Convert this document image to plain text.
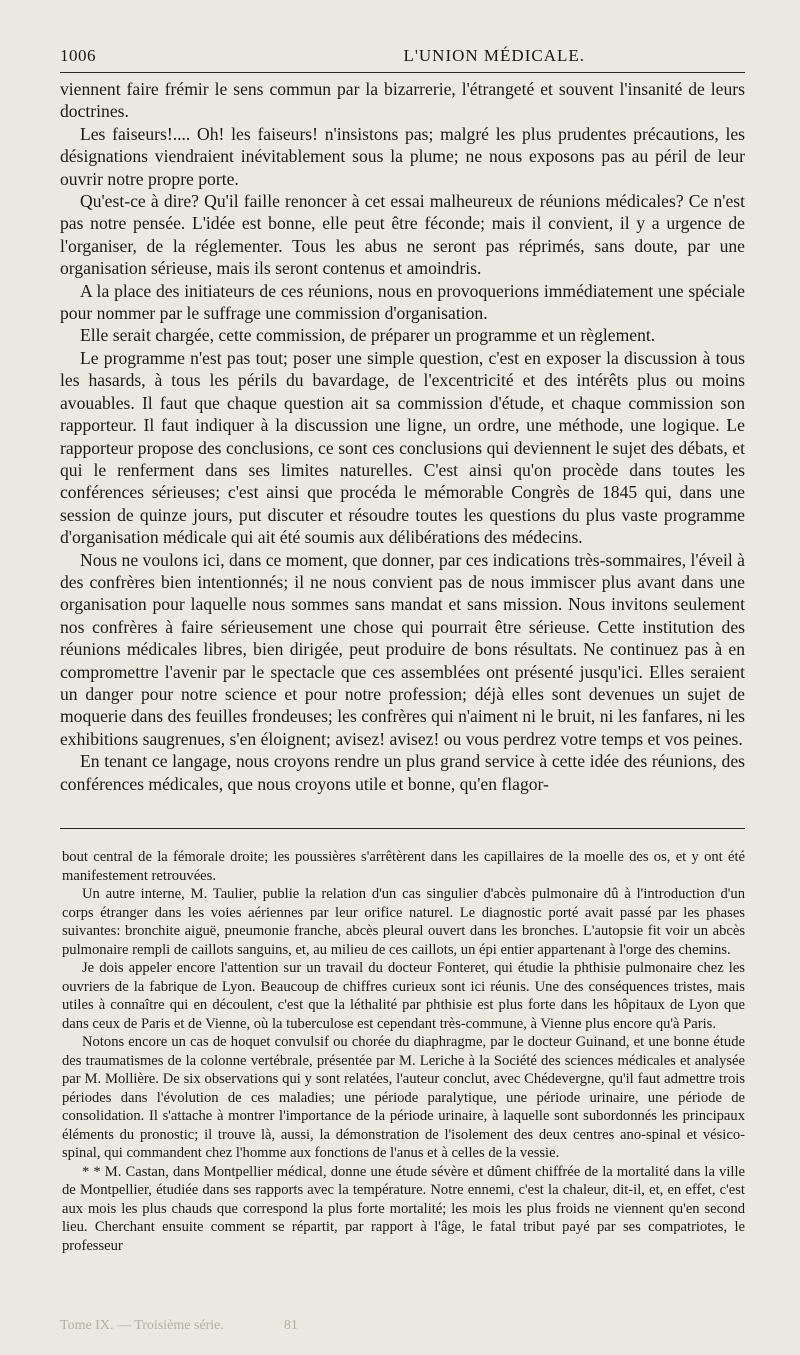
1006	L'UNION MÉDICALE.

viennent faire frémir le sens commun par la bizarrerie, l'étrangeté et souvent l'insanité de leurs doctrines.

Les faiseurs!.... Oh! les faiseurs! n'insistons pas; malgré les plus prudentes précautions, les désignations viendraient inévitablement sous la plume; ne nous exposons pas au péril de leur ouvrir notre propre porte.

Qu'est-ce à dire? Qu'il faille renoncer à cet essai malheureux de réunions médicales? Ce n'est pas notre pensée. L'idée est bonne, elle peut être féconde; mais il convient, il y a urgence de l'organiser, de la réglementer. Tous les abus ne seront pas réprimés, sans doute, par une organisation sérieuse, mais ils seront contenus et amoindris.

A la place des initiateurs de ces réunions, nous en provoquerions immédiatement une spéciale pour nommer par le suffrage une commission d'organisation.

Elle serait chargée, cette commission, de préparer un programme et un règlement.

Le programme n'est pas tout; poser une simple question, c'est en exposer la discussion à tous les hasards, à tous les périls du bavardage, de l'excentricité et des intérêts plus ou moins avouables. Il faut que chaque question ait sa commission d'étude, et chaque commission son rapporteur. Il faut indiquer à la discussion une ligne, un ordre, une méthode, une logique. Le rapporteur propose des conclusions, ce sont ces conclusions qui deviennent le sujet des débats, et qui le renferment dans ses limites naturelles. C'est ainsi qu'on procède dans toutes les conférences sérieuses; c'est ainsi que procéda le mémorable Congrès de 1845 qui, dans une session de quinze jours, put discuter et résoudre toutes les questions du plus vaste programme d'organisation médicale qui ait été soumis aux délibérations des médecins.

Nous ne voulons ici, dans ce moment, que donner, par ces indications très-sommaires, l'éveil à des confrères bien intentionnés; il ne nous convient pas de nous immiscer plus avant dans une organisation pour laquelle nous sommes sans mandat et sans mission. Nous invitons seulement nos confrères à faire sérieusement une chose qui pourrait être sérieuse. Cette institution des réunions médicales libres, bien dirigée, peut produire de bons résultats. Ne continuez pas à en compromettre l'avenir par le spectacle que ces assemblées ont présenté jusqu'ici. Elles seraient un danger pour notre science et pour notre profession; déjà elles sont devenues un sujet de moquerie dans des feuilles frondeuses; les confrères qui n'aiment ni le bruit, ni les fanfares, ni les exhibitions saugrenues, s'en éloignent; avisez! avisez! ou vous perdrez votre temps et vos peines.

En tenant ce langage, nous croyons rendre un plus grand service à cette idée des réunions, des conférences médicales, que nous croyons utile et bonne, qu'en flagor-

bout central de la fémorale droite; les poussières s'arrêtèrent dans les capillaires de la moelle des os, et y ont été manifestement retrouvées.

Un autre interne, M. Taulier, publie la relation d'un cas singulier d'abcès pulmonaire dû à l'introduction d'un corps étranger dans les voies aériennes par leur orifice naturel. Le diagnostic porté avait passé par les phases suivantes: bronchite aiguë, pneumonie franche, abcès pleural ouvert dans les bronches. L'autopsie fit voir un abcès pulmonaire rempli de caillots sanguins, et, au milieu de ces caillots, un épi entier appartenant à l'orge des chemins.

Je dois appeler encore l'attention sur un travail du docteur Fonteret, qui étudie la phthisie pulmonaire chez les ouvriers de la fabrique de Lyon. Beaucoup de chiffres curieux sont ici réunis. Une des conséquences tristes, mais utiles à connaître qui en découlent, c'est que la léthalité par phthisie est plus forte dans les hôpitaux de Lyon que dans ceux de Paris et de Vienne, où la tuberculose est cependant très-commune, à Vienne plus encore qu'à Paris.

Notons encore un cas de hoquet convulsif ou chorée du diaphragme, par le docteur Guinand, et une bonne étude des traumatismes de la colonne vertébrale, présentée par M. Leriche à la Société des sciences médicales et analysée par M. Mollière. De six observations qui y sont relatées, l'auteur conclut, avec Chédevergne, qu'il faut admettre trois périodes dans l'évolution de ces maladies; une période paralytique, une période urinaire, une période de consolidation. Il s'attache à montrer l'importance de la période urinaire, à laquelle sont subordonnés les principaux éléments du pronostic; il trouve là, aussi, la démonstration de l'isolement des deux centres ano-spinal et vésico-spinal, qui commandent chez l'homme aux fonctions de l'anus et à celles de la vessie.

* * M. Castan, dans Montpellier médical, donne une étude sévère et dûment chiffrée de la mortalité dans la ville de Montpellier, étudiée dans ses rapports avec la température. Notre ennemi, c'est la chaleur, dit-il, et, en effet, c'est aux mois les plus chauds que correspond la plus forte mortalité; les mois les plus froids ne viennent qu'en second lieu. Cherchant ensuite comment se répartit, par rapport à l'âge, le fatal tribut payé par ses compatriotes, le professeur

Tome IX. — Troisième série.	81
